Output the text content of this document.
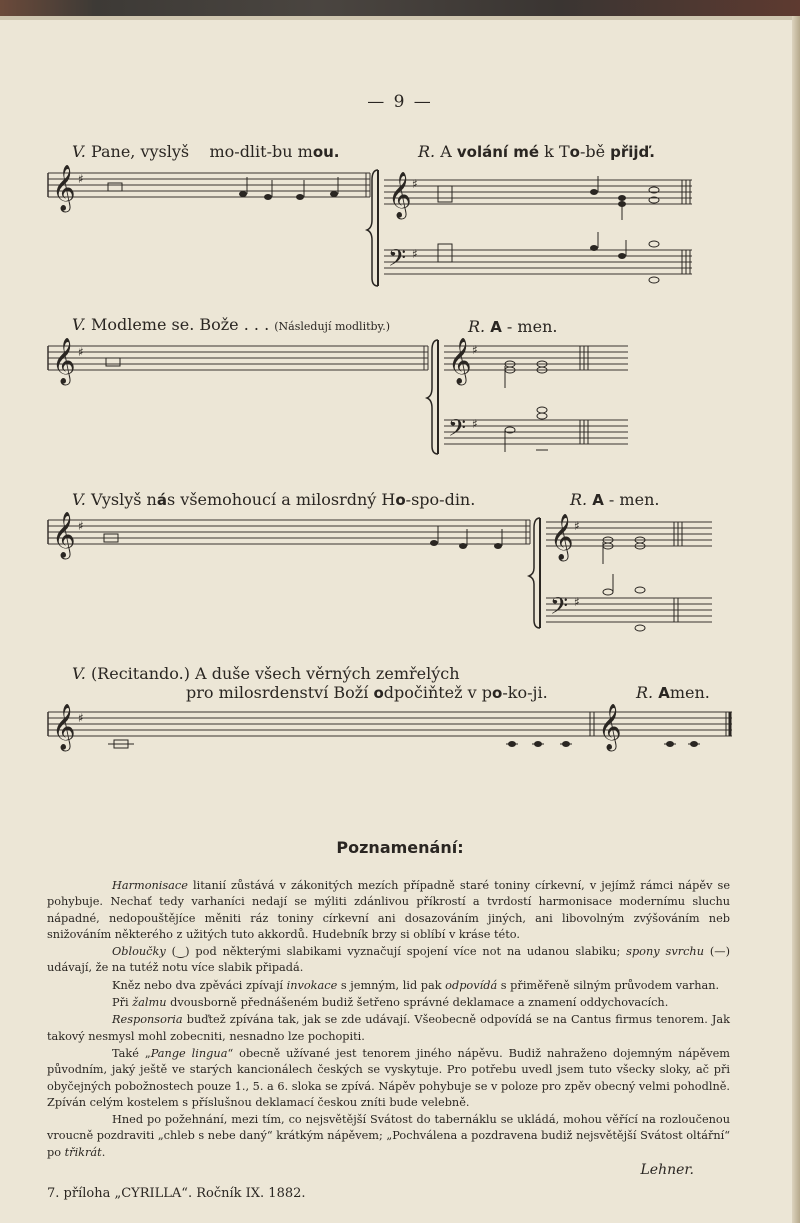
— 9 —
V. Pane, vyslyš mo-dlit-bu mou.	R. A volání mé k To-bě přijď.
𝄞 ♯	𝄞 ♯
𝄢 ♯
V. Modleme se. Bože . . . (Následují modlitby.)	R. A - men.
𝄞 ♯	𝄞 ♯
𝄢 ♯
V. Vyslyš nás všemohoucí a milosrdný Ho-spo-din.	R. A - men.
𝄞 ♯	𝄞 ♯
𝄢 ♯
V. (Recitando.) A duše všech věrných zemřelých
pro milosrdenství Boží odpočiňtež v po-ko-ji.	R. Amen.
𝄞 ♯	𝄞
Poznamenání:

Harmonisace litanií zůstává v zákonitých mezích případně staré toniny církevní, v jejímž rámci nápěv se pohybuje. Nechať tedy varhaníci nedají se mýliti zdánlivou příkrostí a tvrdostí harmonisace modernímu sluchu nápadné, nedopouštějíce měniti ráz toniny církevní ani dosazováním jiných, ani libovolným zvýšováním neb snižováním některého z užitých tuto akkordů. Hudebník brzy si oblíbí v kráse této.

Obloučky (‿) pod některými slabikami vyznačují spojení více not na udanou slabiku; spony svrchu (—) udávají, že na tutéž notu více slabik připadá.

Kněz nebo dva zpěváci zpívají invokace s jemným, lid pak odpovídá s přiměřeně silným průvodem varhan.

Při žalmu dvousborně přednášeném budiž šetřeno správné deklamace a znamení oddychovacích.

Responsoria buďtež zpívána tak, jak se zde udávají. Všeobecně odpovídá se na Cantus firmus tenorem. Jak takový nesmysl mohl zobecniti, nesnadno lze pochopiti.

Také „Pange lingua“ obecně užívané jest tenorem jiného nápěvu. Budiž nahraženo dojemným nápěvem původním, jaký ještě ve starých kancionálech českých se vyskytuje. Pro potřebu uvedl jsem tuto všecky sloky, ač při obyčejných pobožnostech pouze 1., 5. a 6. sloka se zpívá. Nápěv pohybuje se v poloze pro zpěv obecný velmi pohodlně. Zpíván celým kostelem s příslušnou deklamací českou zníti bude velebně.

Hned po požehnání, mezi tím, co nejsvětější Svátost do tabernáklu se ukládá, mohou věřící na rozloučenou vroucně pozdraviti „chleb s nebe daný“ krátkým nápěvem; „Pochválena a pozdravena budiž nejsvětější Svátost oltářní“ po třikrát.

Lehner.
7. příloha „CYRILLA“. Ročník IX. 1882.
